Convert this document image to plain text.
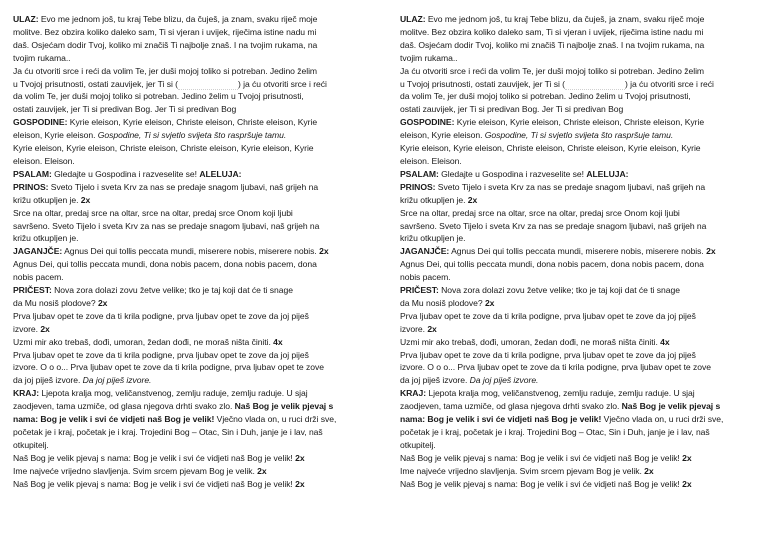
ULAZ: Evo me jednom još, tu kraj Tebe blizu, da čuješ, ja znam, svaku riječ moje
molitve. Bez obzira koliko daleko sam, Ti si vjeran i uvijek, riječima istine nadu mi
daš. Osjećam dodir Tvoj, koliko mi značiš Ti najbolje znaš. I na tvojim rukama, na
tvojim rukama..
Ja ću otvoriti srce i reći da volim Te, jer duši mojoj toliko si potreban. Jedino želim
u Tvojoj prisutnosti, ostati zauvijek, jer Ti si (	) ja ću otvoriti srce i reći
da volim Te, jer duši mojoj toliko si potreban. Jedino želim u Tvojoj prisutnosti,
ostati zauvijek, jer Ti si predivan Bog. Jer Ti si predivan Bog
GOSPODINE: Kyrie eleison, Kyrie eleison, Christe eleison, Christe eleison, Kyrie
eleison, Kyrie eleison. Gospodine, Ti si svjetlo svijeta što raspršuje tamu.
Kyrie eleison, Kyrie eleison, Christe eleison, Christe eleison, Kyrie eleison, Kyrie
eleison. Eleison.
PSALAM: Gledajte u Gospodina i razveselite se! ALELUJA:
PRINOS: Sveto Tijelo i sveta Krv za nas se predaje snagom ljubavi, naš grijeh na
križu otkupljen je. 2x
Srce na oltar, predaj srce na oltar, srce na oltar, predaj srce Onom koji ljubi
savršeno. Sveto Tijelo i sveta Krv za nas se predaje snagom ljubavi, naš grijeh na
križu otkupljen je.
JAGANJČE: Agnus Dei qui tollis peccata mundi, miserere nobis, miserere nobis. 2x
Agnus Dei, qui tollis peccata mundi, dona nobis pacem, dona nobis pacem, dona
nobis pacem.
PRIČEST: Nova zora dolazi zovu žetve velike; tko je taj koji dat će ti snage
da Mu nosiš plodove? 2x
Prva ljubav opet te zove da ti krila podigne, prva ljubav opet te zove da joj piješ
izvore. 2x
Uzmi mir ako trebaš, dođi, umoran, žedan dođi, ne moraš ništa činiti. 4x
Prva ljubav opet te zove da ti krila podigne, prva ljubav opet te zove da joj piješ
izvore. O o o... Prva ljubav opet te zove da ti krila podigne, prva ljubav opet te zove
da joj piješ izvore. Da joj piješ izvore.
KRAJ: Ljepota kralja mog, veličanstvenog, zemlju raduje, zemlju raduje. U sjaj
zaodjeven, tama uzmiče, od glasa njegova drhti svako zlo. Naš Bog je velik pjevaj s
nama: Bog je velik i svi će vidjeti naš Bog je velik! Vječno vlada on, u ruci drži sve,
početak je i kraj, početak je i kraj. Trojedini Bog – Otac, Sin i Duh, janje je i lav, naš
otkupitelj.
Naš Bog je velik pjevaj s nama: Bog je velik i svi će vidjeti naš Bog je velik! 2x
Ime najveće vrijedno slavljenja. Svim srcem pjevam Bog je velik. 2x
Naš Bog je velik pjevaj s nama: Bog je velik i svi će vidjeti naš Bog je velik! 2x
ULAZ: Evo me jednom još, tu kraj Tebe blizu, da čuješ, ja znam, svaku riječ moje
molitve. Bez obzira koliko daleko sam, Ti si vjeran i uvijek, riječima istine nadu mi
daš. Osjećam dodir Tvoj, koliko mi značiš Ti najbolje znaš. I na tvojim rukama, na
tvojim rukama..
Ja ću otvoriti srce i reći da volim Te, jer duši mojoj toliko si potreban. Jedino želim
u Tvojoj prisutnosti, ostati zauvijek, jer Ti si (	) ja ću otvoriti srce i reći
da volim Te, jer duši mojoj toliko si potreban. Jedino želim u Tvojoj prisutnosti,
ostati zauvijek, jer Ti si predivan Bog. Jer Ti si predivan Bog
GOSPODINE: Kyrie eleison, Kyrie eleison, Christe eleison, Christe eleison, Kyrie
eleison, Kyrie eleison. Gospodine, Ti si svjetlo svijeta što raspršuje tamu.
Kyrie eleison, Kyrie eleison, Christe eleison, Christe eleison, Kyrie eleison, Kyrie
eleison. Eleison.
PSALAM: Gledajte u Gospodina i razveselite se! ALELUJA:
PRINOS: Sveto Tijelo i sveta Krv za nas se predaje snagom ljubavi, naš grijeh na
križu otkupljen je. 2x
Srce na oltar, predaj srce na oltar, srce na oltar, predaj srce Onom koji ljubi
savršeno. Sveto Tijelo i sveta Krv za nas se predaje snagom ljubavi, naš grijeh na
križu otkupljen je.
JAGANJČE: Agnus Dei qui tollis peccata mundi, miserere nobis, miserere nobis. 2x
Agnus Dei, qui tollis peccata mundi, dona nobis pacem, dona nobis pacem, dona
nobis pacem.
PRIČEST: Nova zora dolazi zovu žetve velike; tko je taj koji dat će ti snage
da Mu nosiš plodove? 2x
Prva ljubav opet te zove da ti krila podigne, prva ljubav opet te zove da joj piješ
izvore. 2x
Uzmi mir ako trebaš, dođi, umoran, žedan dođi, ne moraš ništa činiti. 4x
Prva ljubav opet te zove da ti krila podigne, prva ljubav opet te zove da joj piješ
izvore. O o o... Prva ljubav opet te zove da ti krila podigne, prva ljubav opet te zove
da joj piješ izvore. Da joj piješ izvore.
KRAJ: Ljepota kralja mog, veličanstvenog, zemlju raduje, zemlju raduje. U sjaj
zaodjeven, tama uzmiče, od glasa njegova drhti svako zlo. Naš Bog je velik pjevaj s
nama: Bog je velik i svi će vidjeti naš Bog je velik! Vječno vlada on, u ruci drži sve,
početak je i kraj, početak je i kraj. Trojedini Bog – Otac, Sin i Duh, janje je i lav, naš
otkupitelj.
Naš Bog je velik pjevaj s nama: Bog je velik i svi će vidjeti naš Bog je velik! 2x
Ime najveće vrijedno slavljenja. Svim srcem pjevam Bog je velik. 2x
Naš Bog je velik pjevaj s nama: Bog je velik i svi će vidjeti naš Bog je velik! 2x
